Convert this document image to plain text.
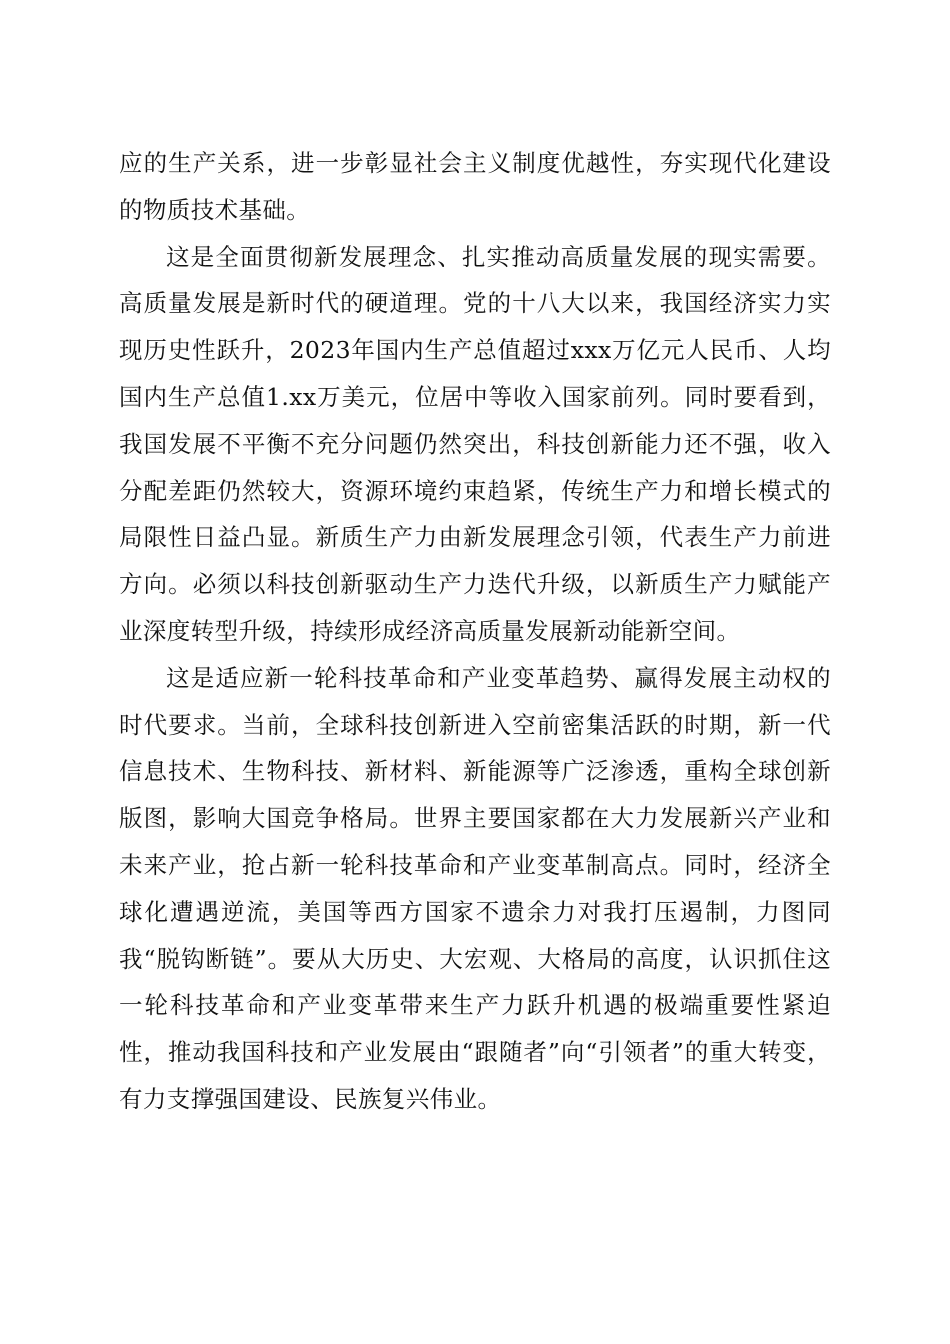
应的生产关系，进一步彰显社会主义制度优越性，夯实现代化建设的物质技术基础。

这是全面贯彻新发展理念、扎实推动高质量发展的现实需要。高质量发展是新时代的硬道理。党的十八大以来，我国经济实力实现历史性跃升，2023年国内生产总值超过xxx万亿元人民币、人均国内生产总值1.xx万美元，位居中等收入国家前列。同时要看到，我国发展不平衡不充分问题仍然突出，科技创新能力还不强，收入分配差距仍然较大，资源环境约束趋紧，传统生产力和增长模式的局限性日益凸显。新质生产力由新发展理念引领，代表生产力前进方向。必须以科技创新驱动生产力迭代升级，以新质生产力赋能产业深度转型升级，持续形成经济高质量发展新动能新空间。

这是适应新一轮科技革命和产业变革趋势、赢得发展主动权的时代要求。当前，全球科技创新进入空前密集活跃的时期，新一代信息技术、生物科技、新材料、新能源等广泛渗透，重构全球创新版图，影响大国竞争格局。世界主要国家都在大力发展新兴产业和未来产业，抢占新一轮科技革命和产业变革制高点。同时，经济全球化遭遇逆流，美国等西方国家不遗余力对我打压遏制，力图同我“脱钩断链”。要从大历史、大宏观、大格局的高度，认识抓住这一轮科技革命和产业变革带来生产力跃升机遇的极端重要性紧迫性，推动我国科技和产业发展由“跟随者”向“引领者”的重大转变，有力支撑强国建设、民族复兴伟业。
